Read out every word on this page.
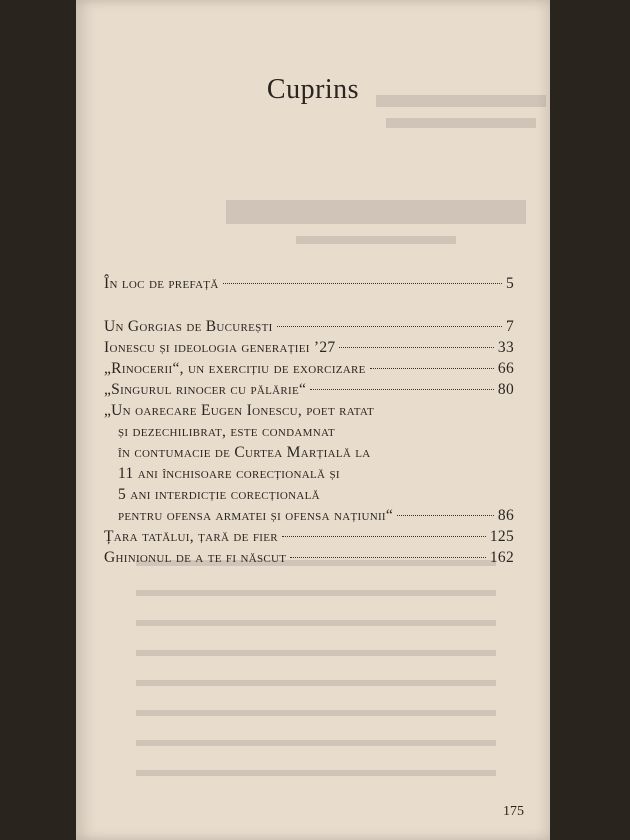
Cuprins
În loc de prefață	5
Un Gorgias de București	7
Ionescu și ideologia generației ’27	33
„Rinocerii“, un exercițiu de exorcizare	66
„Singurul rinocer cu pălărie“	80
„Un oarecare Eugen Ionescu, poet ratat
și dezechilibrat, este condamnat
în contumacie de Curtea Marțială la
11 ani închisoare corecțională și
5 ani interdicție corecțională
pentru ofensa armatei și ofensa națiunii“	86
Țara tatălui, țară de fier	125
Ghinionul de a te fi născut	162
175
